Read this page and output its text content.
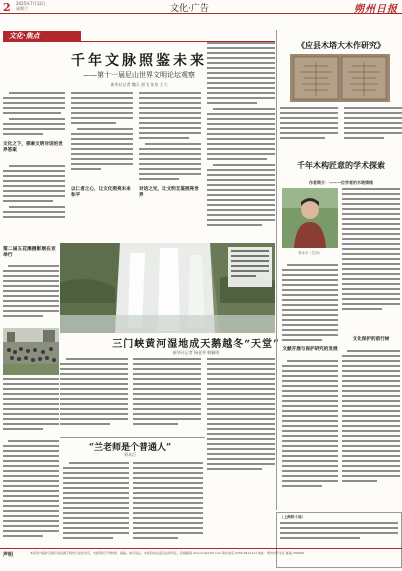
2 2025年7月12日
星期六	文化·广告	朔州日报
文化·焦点
千年文脉照鉴未来
——第十一届尼山世界文明论坛观察
新华社记者 魏天 郭飞 张泉 王大
文化之下，探索文明对话的世界答案
以仁者之心，让文化照亮未来和平
对话之光，让文明互鉴照亮世界
第二届五花滩摄影展在京举行
三门峡黄河湿地成天鹅越冬“天堂”
新华社记者 杨金华 韩颖明
“兰老师是个普通人”
刘从臣
《应县木塔大木作研究》
千年木构匠意的学术探索
作者简介：——一位学者的木塔情缘
李永平（左四）
文献开展与保护研究的发展
文化保护的前行树
（上海铁十局）
声明	本报所刊稿件及图片版权属于朔州日报社所有，未经授权不得转载、摘编。如有违反，本报将依法追究法律责任。投稿邮箱 zhoumo@163.com 联系电话 0349-2811111 地址：朔州市开发区 邮编 036000
